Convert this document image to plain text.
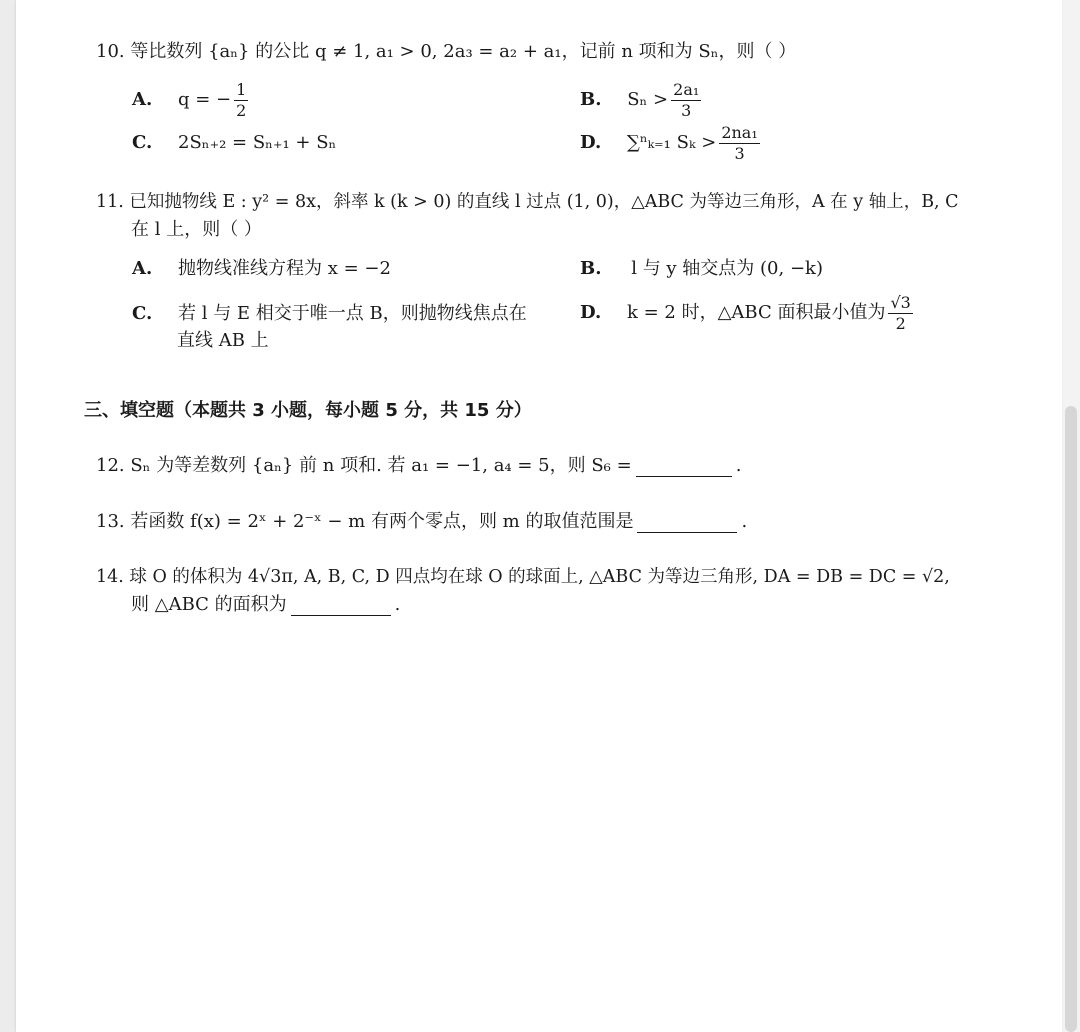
10. 等比数列 {aₙ} 的公比 q ≠ 1, a₁ > 0, 2a₃ = a₂ + a₁，记前 n 项和为 Sₙ，则（ ）
A. q = − $\frac{1}{2}$	B. $S_n > \frac{\text{2a₁}}{3}$
C. 2Sₙ₊₂ = Sₙ₊₁ + Sₙ	D. ∑ⁿₖ₌₁ $S_k > \frac{\text{2na₁}}{3}$
11. 已知抛物线 E : y² = 8x，斜率 k (k > 0) 的直线 l 过点 (1, 0)，△ABC 为等边三角形，A 在 y 轴上，B, C
在 l 上，则（ ）
A. 抛物线准线方程为 x = −2	B. l 与 y 轴交点为 (0, −k)
C. 若 l 与 E 相交于唯一点 B，则抛物线焦点在
直线 AB 上
D. k = 2 时，△ABC 面积最小值为 $\frac{√3}{2}$
三、填空题（本题共 3 小题，每小题 5 分，共 15 分）
12. Sₙ 为等差数列 {aₙ} 前 n 项和. 若 a₁ = −1, a₄ = 5，则 S₆ =	.
13. 若函数 f(x) = 2ˣ + 2⁻ˣ − m 有两个零点，则 m 的取值范围是	.
14. 球 O 的体积为 4√3π, A, B, C, D 四点均在球 O 的球面上, △ABC 为等边三角形, DA = DB = DC = √2,
则 △ABC 的面积为	.
